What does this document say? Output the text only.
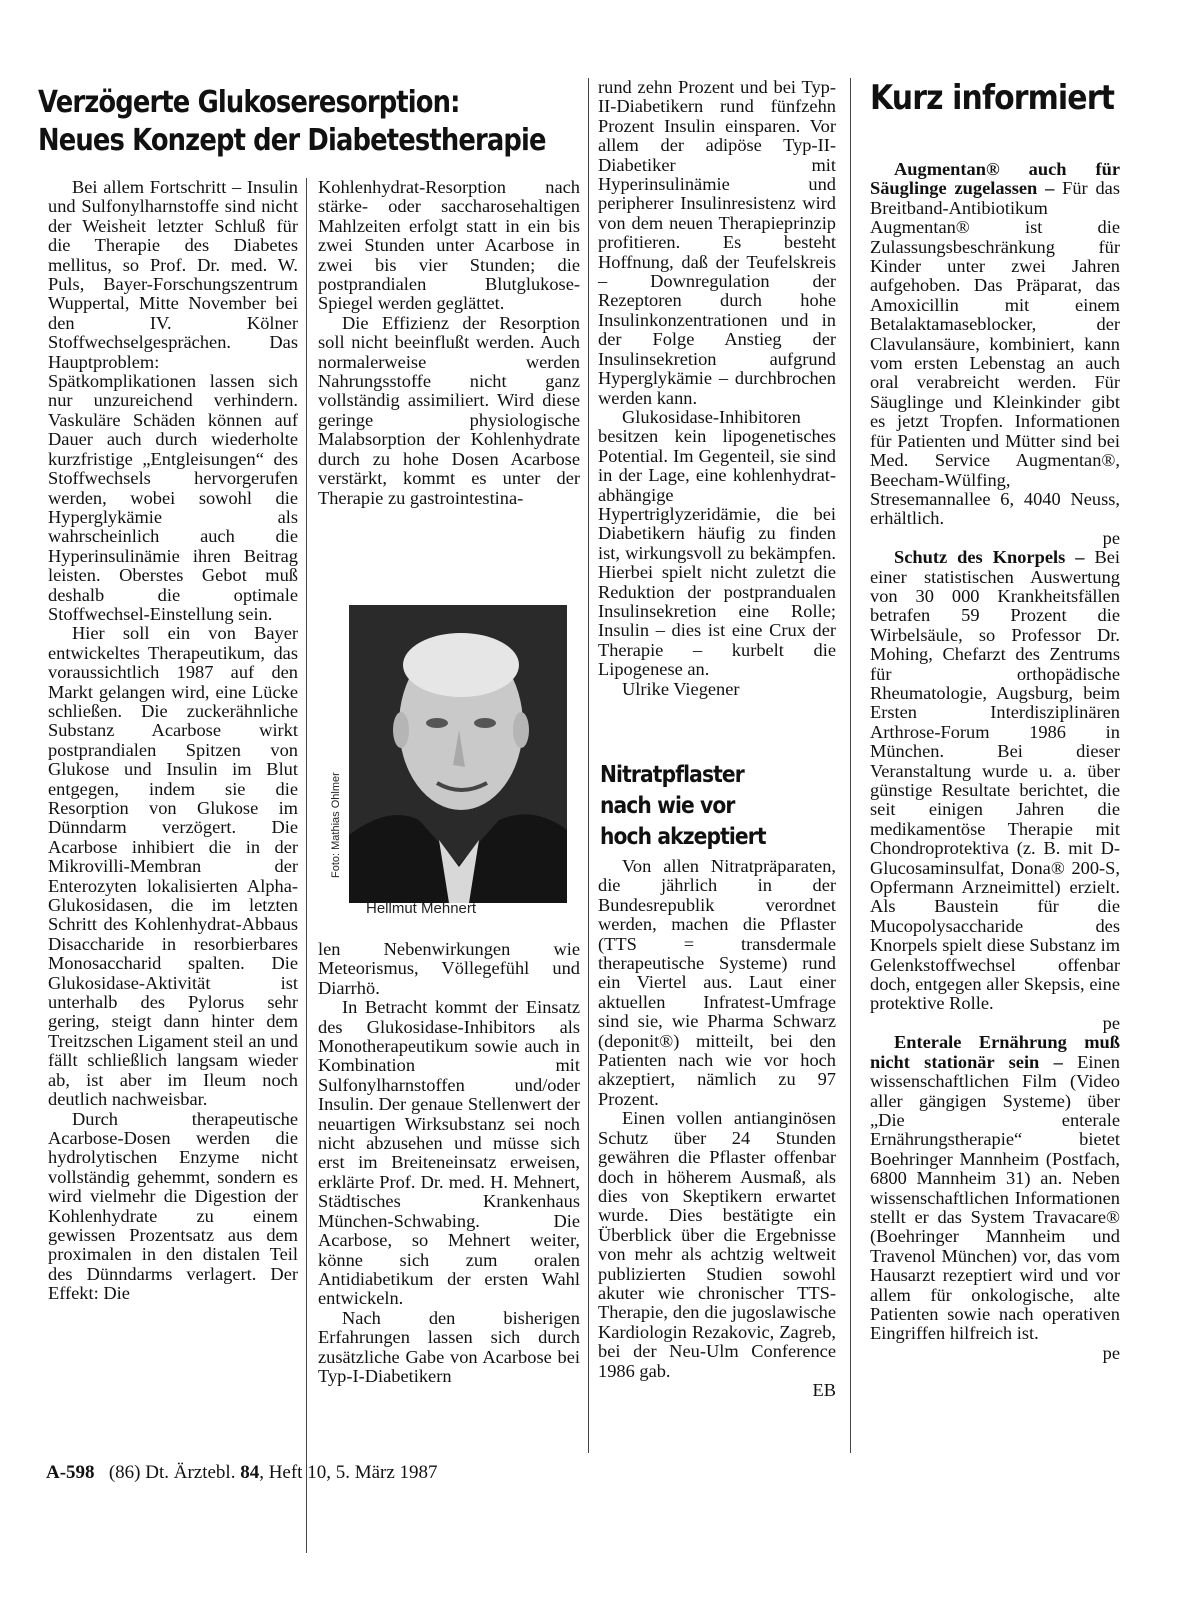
Verzögerte Glukoseresorption:
Neues Konzept der Diabetestherapie

Bei allem Fortschritt – Insulin und Sulfonylharnstoffe sind nicht der Weisheit letzter Schluß für die Therapie des Diabetes mellitus, so Prof. Dr. med. W. Puls, Bayer-Forschungszentrum Wuppertal, Mitte November bei den IV. Kölner Stoffwechselgesprächen. Das Hauptproblem: Spätkomplikationen lassen sich nur unzureichend verhindern. Vaskuläre Schäden können auf Dauer auch durch wiederholte kurzfristige „Entgleisungen“ des Stoffwechsels hervorgerufen werden, wobei sowohl die Hyperglykämie als wahrscheinlich auch die Hyperinsulinämie ihren Beitrag leisten. Oberstes Gebot muß deshalb die optimale Stoffwechsel-Einstellung sein.

Hier soll ein von Bayer entwickeltes Therapeutikum, das voraussichtlich 1987 auf den Markt gelangen wird, eine Lücke schließen. Die zuckerähnliche Substanz Acarbose wirkt postprandialen Spitzen von Glukose und Insulin im Blut entgegen, indem sie die Resorption von Glukose im Dünndarm verzögert. Die Acarbose inhibiert die in der Mikrovilli-Membran der Enterozyten lokalisierten Alpha-Glukosidasen, die im letzten Schritt des Kohlenhydrat-Abbaus Disaccharide in resorbierbares Monosaccharid spalten. Die Glukosidase-Aktivität ist unterhalb des Pylorus sehr gering, steigt dann hinter dem Treitzschen Ligament steil an und fällt schließlich langsam wieder ab, ist aber im Ileum noch deutlich nachweisbar.

Durch therapeutische Acarbose-Dosen werden die hydrolytischen Enzyme nicht vollständig gehemmt, sondern es wird vielmehr die Digestion der Kohlenhydrate zu einem gewissen Prozentsatz aus dem proximalen in den distalen Teil des Dünndarms verlagert. Der Effekt: Die

Kohlenhydrat-Resorption nach stärke- oder saccharosehaltigen Mahlzeiten erfolgt statt in ein bis zwei Stunden unter Acarbose in zwei bis vier Stunden; die postprandialen Blutglukose-Spiegel werden geglättet.

Die Effizienz der Resorption soll nicht beeinflußt werden. Auch normalerweise werden Nahrungsstoffe nicht ganz vollständig assimiliert. Wird diese geringe physiologische Malabsorption der Kohlenhydrate durch zu hohe Dosen Acarbose verstärkt, kommt es unter der Therapie zu gastrointestina-

Foto: Mathias Ohlmer
Hellmut Mehnert

len Nebenwirkungen wie Meteorismus, Völlegefühl und Diarrhö.

In Betracht kommt der Einsatz des Glukosidase-Inhibitors als Monotherapeutikum sowie auch in Kombination mit Sulfonylharnstoffen und/oder Insulin. Der genaue Stellenwert der neuartigen Wirksubstanz sei noch nicht abzusehen und müsse sich erst im Breiteneinsatz erweisen, erklärte Prof. Dr. med. H. Mehnert, Städtisches Krankenhaus München-Schwabing. Die Acarbose, so Mehnert weiter, könne sich zum oralen Antidiabetikum der ersten Wahl entwickeln.

Nach den bisherigen Erfahrungen lassen sich durch zusätzliche Gabe von Acarbose bei Typ-I-Diabetikern

rund zehn Prozent und bei Typ-II-Diabetikern rund fünfzehn Prozent Insulin einsparen. Vor allem der adipöse Typ-II-Diabetiker mit Hyperinsulinämie und peripherer Insulinresistenz wird von dem neuen Therapieprinzip profitieren. Es besteht Hoffnung, daß der Teufelskreis – Downregulation der Rezeptoren durch hohe Insulinkonzentrationen und in der Folge Anstieg der Insulinsekretion aufgrund Hyperglykämie – durchbrochen werden kann.

Glukosidase-Inhibitoren besitzen kein lipogenetisches Potential. Im Gegenteil, sie sind in der Lage, eine kohlenhydrat-abhängige Hypertriglyzeridämie, die bei Diabetikern häufig zu finden ist, wirkungsvoll zu bekämpfen. Hierbei spielt nicht zuletzt die Reduktion der postprandualen Insulinsekretion eine Rolle; Insulin – dies ist eine Crux der Therapie – kurbelt die Lipogenese an.

Ulrike Viegener

Nitratpflaster
nach wie vor
hoch akzeptiert

Von allen Nitratpräparaten, die jährlich in der Bundesrepublik verordnet werden, machen die Pflaster (TTS = transdermale therapeutische Systeme) rund ein Viertel aus. Laut einer aktuellen Infratest-Umfrage sind sie, wie Pharma Schwarz (deponit®) mitteilt, bei den Patienten nach wie vor hoch akzeptiert, nämlich zu 97 Prozent.

Einen vollen antianginösen Schutz über 24 Stunden gewähren die Pflaster offenbar doch in höherem Ausmaß, als dies von Skeptikern erwartet wurde. Dies bestätigte ein Überblick über die Ergebnisse von mehr als achtzig weltweit publizierten Studien sowohl akuter wie chronischer TTS-Therapie, den die jugoslawische Kardiologin Rezakovic, Zagreb, bei der Neu-Ulm Conference 1986 gab.

EB
Kurz informiert

Augmentan® auch für Säuglinge zugelassen – Für das Breitband-Antibiotikum Augmentan® ist die Zulassungsbeschränkung für Kinder unter zwei Jahren aufgehoben. Das Präparat, das Amoxicillin mit einem Betalaktamaseblocker, der Clavulansäure, kombiniert, kann vom ersten Lebenstag an auch oral verabreicht werden. Für Säuglinge und Kleinkinder gibt es jetzt Tropfen. Informationen für Patienten und Mütter sind bei Med. Service Augmentan®, Beecham-Wülfing, Stresemannallee 6, 4040 Neuss, erhältlich.

pe

Schutz des Knorpels – Bei einer statistischen Auswertung von 30 000 Krankheitsfällen betrafen 59 Prozent die Wirbelsäule, so Professor Dr. Mohing, Chefarzt des Zentrums für orthopädische Rheumatologie, Augsburg, beim Ersten Interdisziplinären Arthrose-Forum 1986 in München. Bei dieser Veranstaltung wurde u. a. über günstige Resultate berichtet, die seit einigen Jahren die medikamentöse Therapie mit Chondroprotektiva (z. B. mit D-Glucosaminsulfat, Dona® 200-S, Opfermann Arzneimittel) erzielt. Als Baustein für die Mucopolysaccharide des Knorpels spielt diese Substanz im Gelenkstoffwechsel offenbar doch, entgegen aller Skepsis, eine protektive Rolle.

pe

Enterale Ernährung muß nicht stationär sein – Einen wissenschaftlichen Film (Video aller gängigen Systeme) über „Die enterale Ernährungstherapie“ bietet Boehringer Mannheim (Postfach, 6800 Mannheim 31) an. Neben wissenschaftlichen Informationen stellt er das System Travacare® (Boehringer Mannheim und Travenol München) vor, das vom Hausarzt rezeptiert wird und vor allem für onkologische, alte Patienten sowie nach operativen Eingriffen hilfreich ist.

pe
A-598 (86) Dt. Ärztebl. 84, Heft 10, 5. März 1987
